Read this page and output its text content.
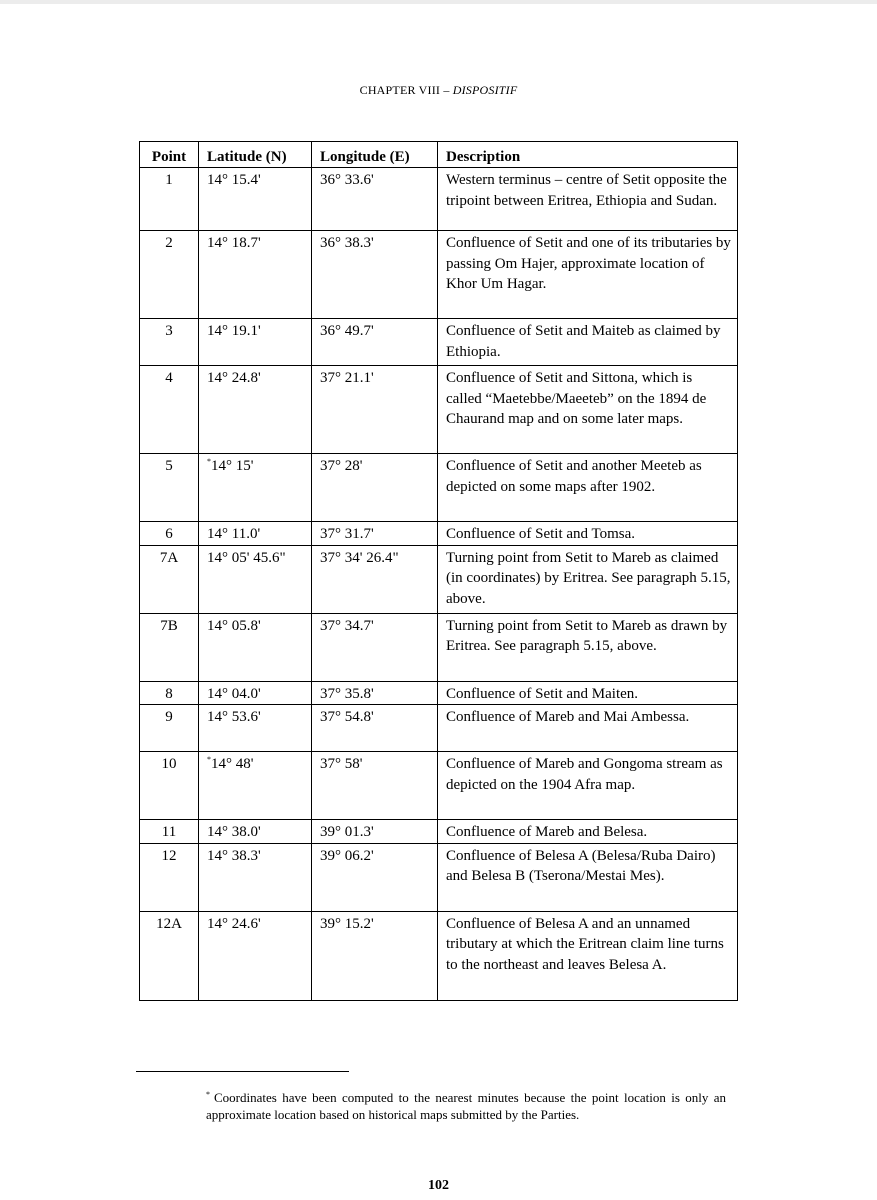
CHAPTER VIII – DISPOSITIF
Point	Latitude (N)	Longitude (E)	Description
1	14° 15.4'	36° 33.6'	Western terminus – centre of Setit opposite the tripoint between Eritrea, Ethiopia and Sudan.
2	14° 18.7'	36° 38.3'	Confluence of Setit and one of its tributaries by passing Om Hajer, approximate location of Khor Um Hagar.
3	14° 19.1'	36° 49.7'	Confluence of Setit and Maiteb as claimed by Ethiopia.
4	14° 24.8'	37° 21.1'	Confluence of Setit and Sittona, which is called “Maetebbe/Maeeteb” on the 1894 de Chaurand map and on some later maps.
5	*14° 15'	37° 28'	Confluence of Setit and another Meeteb as depicted on some maps after 1902.
6	14° 11.0'	37° 31.7'	Confluence of Setit and Tomsa.
7A	14° 05' 45.6"	37° 34' 26.4"	Turning point from Setit to Mareb as claimed (in coordinates) by Eritrea. See paragraph 5.15, above.
7B	14° 05.8'	37° 34.7'	Turning point from Setit to Mareb as drawn by Eritrea. See paragraph 5.15, above.
8	14° 04.0'	37° 35.8'	Confluence of Setit and Maiten.
9	14° 53.6'	37° 54.8'	Confluence of Mareb and Mai Ambessa.
10	*14° 48'	37° 58'	Confluence of Mareb and Gongoma stream as depicted on the 1904 Afra map.
11	14° 38.0'	39° 01.3'	Confluence of Mareb and Belesa.
12	14° 38.3'	39° 06.2'	Confluence of Belesa A (Belesa/Ruba Dairo) and Belesa B (Tserona/Mestai Mes).
12A	14° 24.6'	39° 15.2'	Confluence of Belesa A and an unnamed tributary at which the Eritrean claim line turns to the northeast and leaves Belesa A.
* Coordinates have been computed to the nearest minutes because the point location is only an approximate location based on historical maps submitted by the Parties.
102
